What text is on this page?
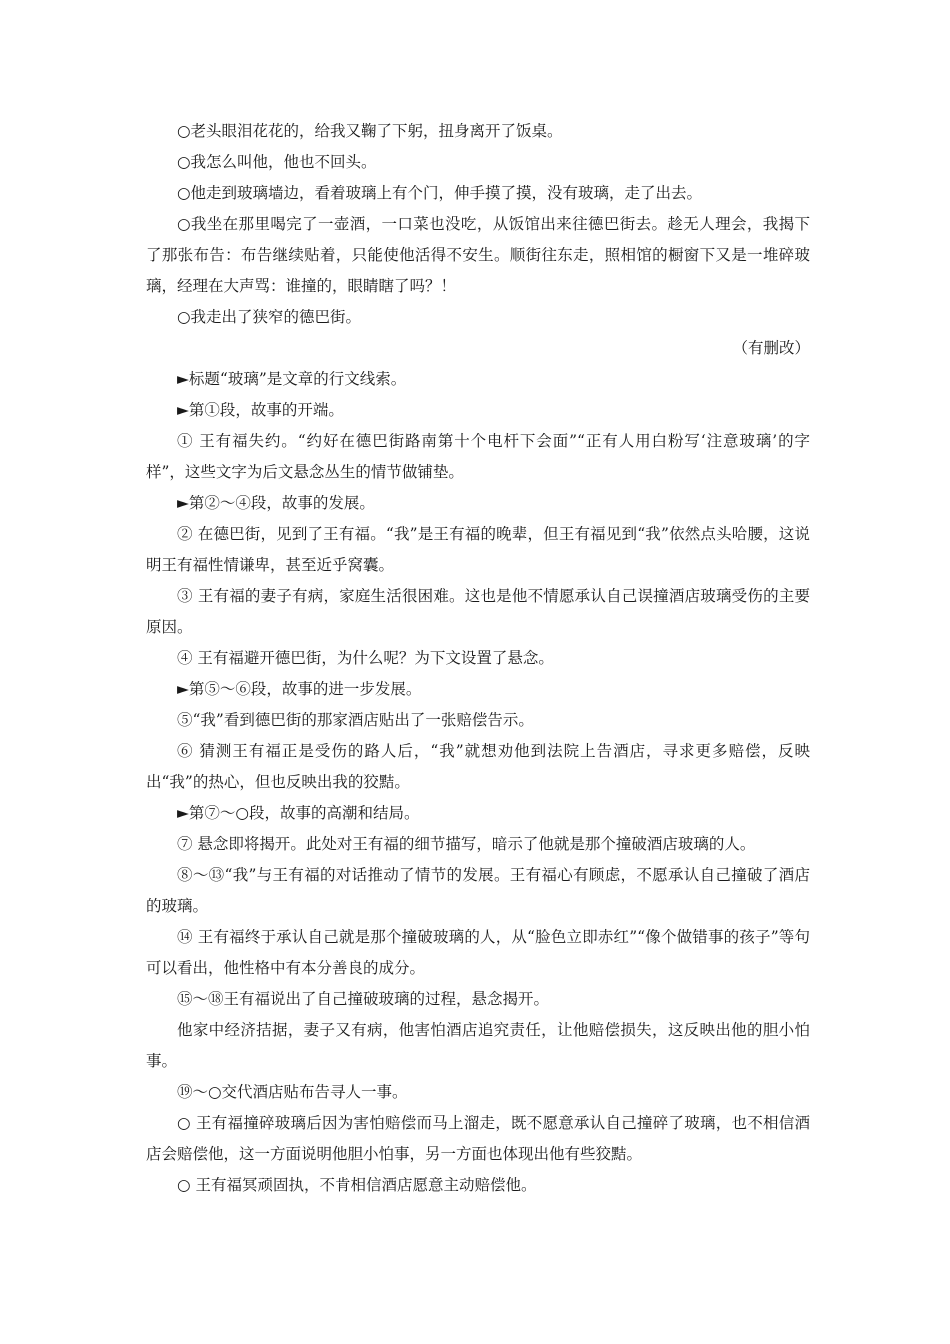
○老头眼泪花花的，给我又鞠了下躬，扭身离开了饭桌。

○我怎么叫他，他也不回头。

○他走到玻璃墙边，看着玻璃上有个门，伸手摸了摸，没有玻璃，走了出去。

○我坐在那里喝完了一壶酒，一口菜也没吃，从饭馆出来往德巴街去。趁无人理会，我揭下了那张布告：布告继续贴着，只能使他活得不安生。顺街往东走，照相馆的橱窗下又是一堆碎玻璃，经理在大声骂：谁撞的，眼睛瞎了吗？！

○我走出了狭窄的德巴街。

（有删改）

►标题“玻璃”是文章的行文线索。

►第①段，故事的开端。

① 王有福失约。“约好在德巴街路南第十个电杆下会面”“正有人用白粉写‘注意玻璃’的字样”，这些文字为后文悬念丛生的情节做铺垫。

►第②～④段，故事的发展。

② 在德巴街，见到了王有福。“我”是王有福的晚辈，但王有福见到“我”依然点头哈腰，这说明王有福性情谦卑，甚至近乎窝囊。

③ 王有福的妻子有病，家庭生活很困难。这也是他不情愿承认自己误撞酒店玻璃受伤的主要原因。

④ 王有福避开德巴街，为什么呢？为下文设置了悬念。

►第⑤～⑥段，故事的进一步发展。

⑤“我”看到德巴街的那家酒店贴出了一张赔偿告示。

⑥ 猜测王有福正是受伤的路人后，“我”就想劝他到法院上告酒店，寻求更多赔偿，反映出“我”的热心，但也反映出我的狡黠。

►第⑦～○段，故事的高潮和结局。

⑦ 悬念即将揭开。此处对王有福的细节描写，暗示了他就是那个撞破酒店玻璃的人。

⑧～⑬“我”与王有福的对话推动了情节的发展。王有福心有顾虑，不愿承认自己撞破了酒店的玻璃。

⑭ 王有福终于承认自己就是那个撞破玻璃的人，从“脸色立即赤红”“像个做错事的孩子”等句可以看出，他性格中有本分善良的成分。

⑮～⑱王有福说出了自己撞破玻璃的过程，悬念揭开。

他家中经济拮据，妻子又有病，他害怕酒店追究责任，让他赔偿损失，这反映出他的胆小怕事。

⑲～○交代酒店贴布告寻人一事。

○ 王有福撞碎玻璃后因为害怕赔偿而马上溜走，既不愿意承认自己撞碎了玻璃，也不相信酒店会赔偿他，这一方面说明他胆小怕事，另一方面也体现出他有些狡黠。

○ 王有福冥顽固执，不肯相信酒店愿意主动赔偿他。
